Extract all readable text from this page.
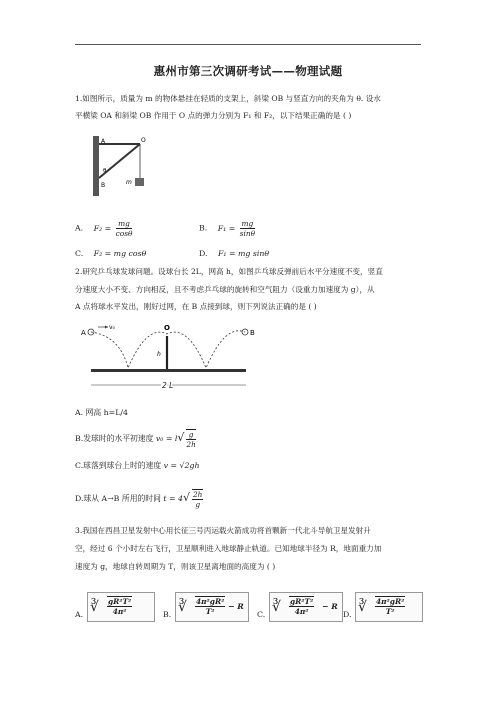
惠州市第三次调研考试——物理试题
1.如图所示，质量为 m 的物体悬挂在轻质的支架上，斜梁 OB 与竖直方向的夹角为 θ. 设水
平横梁 OA 和斜梁 OB 作用于 O 点的弹力分别为 F₁ 和 F₂，以下结果正确的是 ( )
A
B
O
m
θ
A. $F_2 = \frac{mg}{\cos\theta}$	B. $F_1 = \frac{mg}{\sin\theta}$
C. F₂ = mg cosθ	D. F₁ = mg sinθ
2.研究乒乓球发球问题。设球台长 2L，网高 h，如图乒乓球反弹前后水平分速度不变，竖直
分速度大小不变、方向相反，且不考虑乒乓球的旋转和空气阻力（设重力加速度为 g），从
A 点将球水平发出，刚好过网，在 B 点接到球，则下列说法正确的是 ( )
A
v₀
B
O
h
2 L
A. 网高 h=L/4
B.发球时的水平初速度 $v_0 = l√ \frac{g}{2h}$
C.球落到球台上时的速度 v = √2gh
D.球从 A→B 所用的时间 $t = 4√ \frac{2h}{g}$
3.我国在西昌卫星发射中心用长征三号丙运载火箭成功将首颗新一代北斗导航卫星发射升
空，经过 6 个小时左右飞行，卫星顺利进入地球静止轨道。已知地球半径为 R，地面重力加
速度为 g，地球自转周期为 T，则该卫星离地面的高度为 ( )
A. ∛ $\frac{\text{gR²T²}}{\text{4π²}}$	B. ∛ $\frac{\text{4π²gR²}}{\text{T²}} - R$
C. ∛ $\frac{\text{gR²T²}}{\text{4π²}} - R$
D. ∛ $\frac{\text{4π²gR²}}{\text{T²}}$
